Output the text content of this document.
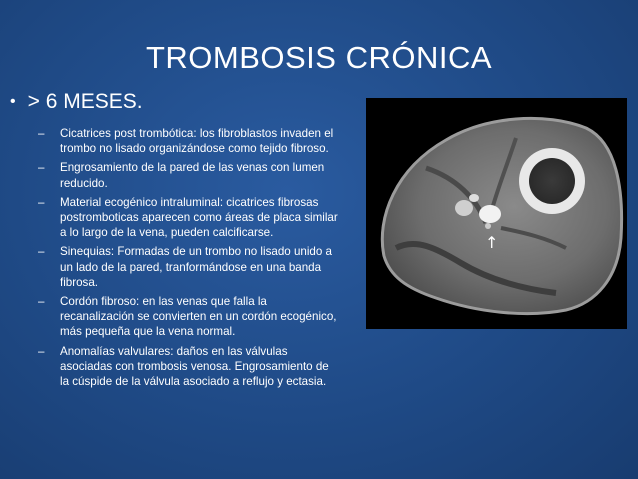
TROMBOSIS CRÓNICA
• > 6 MESES.
– Cicatrices post trombótica: los fibroblastos invaden el trombo no lisado organizándose como tejido fibroso.
– Engrosamiento de la pared de las venas con lumen reducido.
– Material ecogénico intraluminal: cicatrices fibrosas postromboticas aparecen como áreas de placa similar a lo largo de la vena, pueden calcificarse.
– Sinequias: Formadas de un trombo no lisado unido a un lado de la pared, tranformándose en una banda fibrosa.
– Cordón fibroso: en las venas que falla la recanalización se convierten en un cordón ecogénico, más pequeña que la vena normal.
– Anomalías valvulares: daños en las válvulas asociadas con trombosis venosa. Engrosamiento de la cúspide de la válvula asociado a reflujo y ectasia.
↑
